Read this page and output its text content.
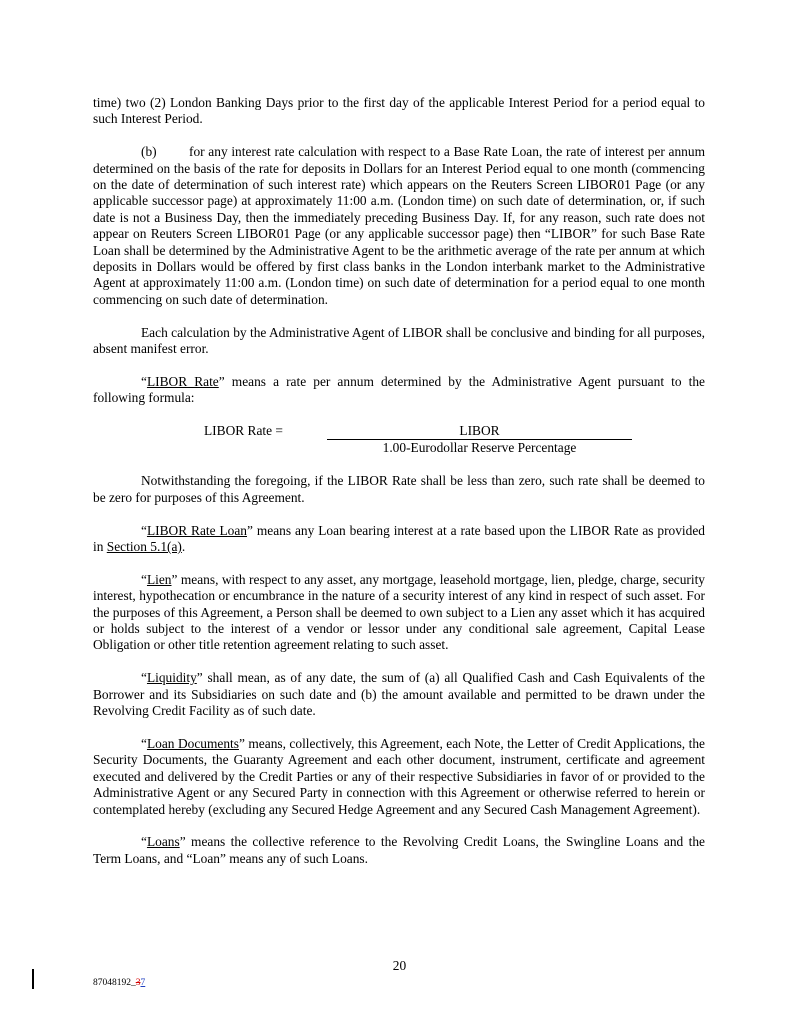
time) two (2) London Banking Days prior to the first day of the applicable Interest Period for a period equal to such Interest Period.

(b) for any interest rate calculation with respect to a Base Rate Loan, the rate of interest per annum determined on the basis of the rate for deposits in Dollars for an Interest Period equal to one month (commencing on the date of determination of such interest rate) which appears on the Reuters Screen LIBOR01 Page (or any applicable successor page) at approximately 11:00 a.m. (London time) on such date of determination, or, if such date is not a Business Day, then the immediately preceding Business Day. If, for any reason, such rate does not appear on Reuters Screen LIBOR01 Page (or any applicable successor page) then “LIBOR” for such Base Rate Loan shall be determined by the Administrative Agent to be the arithmetic average of the rate per annum at which deposits in Dollars would be offered by first class banks in the London interbank market to the Administrative Agent at approximately 11:00 a.m. (London time) on such date of determination for a period equal to one month commencing on such date of determination.

Each calculation by the Administrative Agent of LIBOR shall be conclusive and binding for all purposes, absent manifest error.

“LIBOR Rate” means a rate per annum determined by the Administrative Agent pursuant to the following formula:

LIBOR Rate =	LIBOR
1.00-Eurodollar Reserve Percentage

Notwithstanding the foregoing, if the LIBOR Rate shall be less than zero, such rate shall be deemed to be zero for purposes of this Agreement.

“LIBOR Rate Loan” means any Loan bearing interest at a rate based upon the LIBOR Rate as provided in Section 5.1(a).

“Lien” means, with respect to any asset, any mortgage, leasehold mortgage, lien, pledge, charge, security interest, hypothecation or encumbrance in the nature of a security interest of any kind in respect of such asset. For the purposes of this Agreement, a Person shall be deemed to own subject to a Lien any asset which it has acquired or holds subject to the interest of a vendor or lessor under any conditional sale agreement, Capital Lease Obligation or other title retention agreement relating to such asset.

“Liquidity” shall mean, as of any date, the sum of (a) all Qualified Cash and Cash Equivalents of the Borrower and its Subsidiaries on such date and (b) the amount available and permitted to be drawn under the Revolving Credit Facility as of such date.

“Loan Documents” means, collectively, this Agreement, each Note, the Letter of Credit Applications, the Security Documents, the Guaranty Agreement and each other document, instrument, certificate and agreement executed and delivered by the Credit Parties or any of their respective Subsidiaries in favor of or provided to the Administrative Agent or any Secured Party in connection with this Agreement or otherwise referred to herein or contemplated hereby (excluding any Secured Hedge Agreement and any Secured Cash Management Agreement).

“Loans” means the collective reference to the Revolving Credit Loans, the Swingline Loans and the Term Loans, and “Loan” means any of such Loans.

20
87048192_37
